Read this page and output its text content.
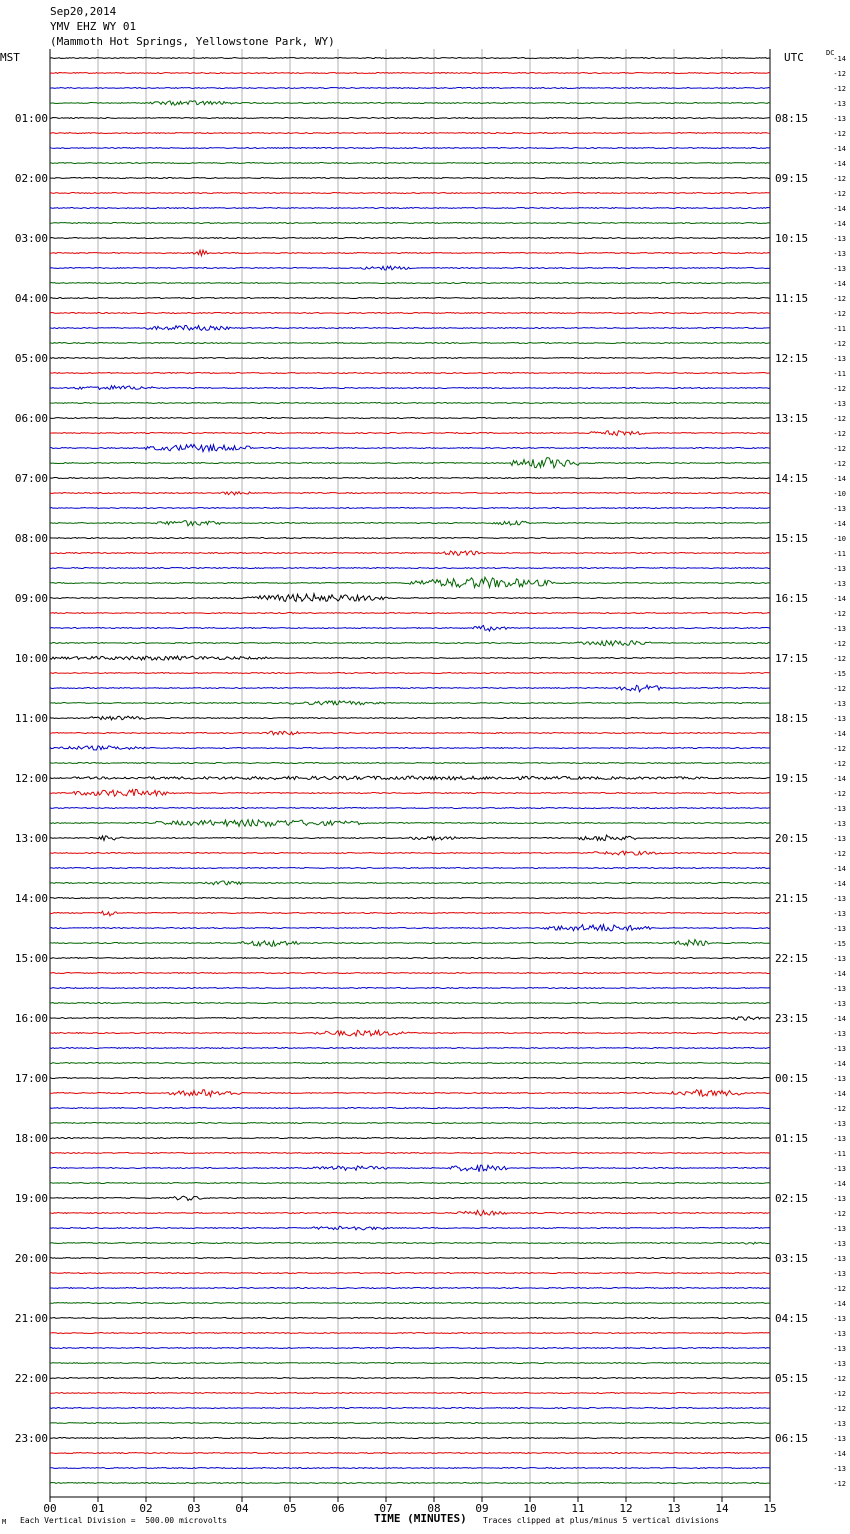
Sep20,2014
YMV EHZ WY 01
(Mammoth Hot Springs, Yellowstone Park, WY)
MST	UTC	DC
01:00
02:00
03:00
04:00
05:00
06:00
07:00
08:00
09:00
10:00
11:00
12:00
13:00
14:00
15:00
16:00
17:00
18:00
19:00
20:00
21:00
22:00
23:00
08:15
09:15
10:15
11:15
12:15
13:15
14:15
15:15
16:15
17:15
18:15
19:15
20:15
21:15
22:15
23:15
00:15
01:15
02:15
03:15
04:15
05:15
06:15
-14
-12
-12
-13
-13
-12
-14
-14
-12
-12
-14
-14
-13
-13
-13
-14
-12
-12
-11
-12
-13
-11
-12
-13
-12
-12
-12
-12
-14
-10
-13
-14
-10
-11
-13
-13
-14
-12
-13
-12
-12
-15
-12
-13
-13
-14
-12
-12
-14
-12
-13
-13
-13
-12
-14
-14
-13
-13
-13
-15
-13
-14
-13
-13
-14
-13
-13
-14
-13
-14
-12
-13
-13
-11
-13
-14
-13
-12
-13
-13
-13
-13
-12
-14
-13
-13
-13
-13
-12
-12
-12
-13
-13
-14
-13
-12
00	01	02	03	04	05	06	07	08	09	10	11	12	13	14	15
M Each Vertical Division =  500.00 microvolts	TIME (MINUTES) Traces clipped at plus/minus 5 vertical divisions
